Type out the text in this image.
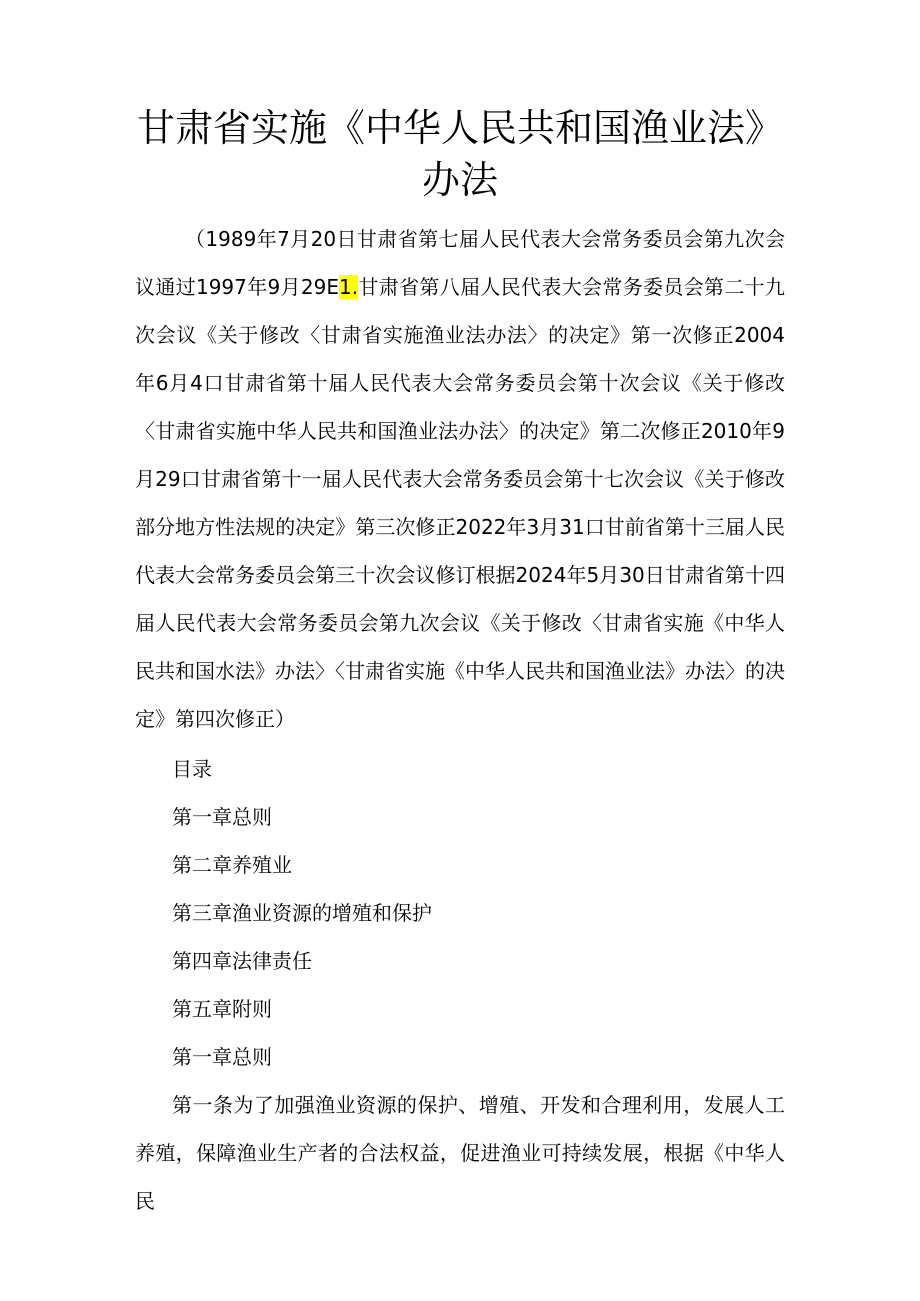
甘肃省实施《中华人民共和国渔业法》办法

（1989年7月20日甘肃省第七届人民代表大会常务委员会第九次会议通过1997年9月29E1.甘肃省第八届人民代表大会常务委员会第二十九次会议《关于修改〈甘肃省实施渔业法办法〉的决定》第一次修正2004年6月4口甘肃省第十届人民代表大会常务委员会第十次会议《关于修改〈甘肃省实施中华人民共和国渔业法办法〉的决定》第二次修正2010年9月29口甘肃省第十一届人民代表大会常务委员会第十七次会议《关于修改部分地方性法规的决定》第三次修正2022年3月31口甘前省第十三届人民代表大会常务委员会第三十次会议修订根据2024年5月30日甘肃省第十四届人民代表大会常务委员会第九次会议《关于修改〈甘肃省实施《中华人民共和国水法》办法〉〈甘肃省实施《中华人民共和国渔业法》办法〉的决定》第四次修正）

目录
第一章总则
第二章养殖业
第三章渔业资源的增殖和保护
第四章法律责任
第五章附则
第一章总则

第一条为了加强渔业资源的保护、增殖、开发和合理利用，发展人工养殖，保障渔业生产者的合法权益，促进渔业可持续发展，根据《中华人民
